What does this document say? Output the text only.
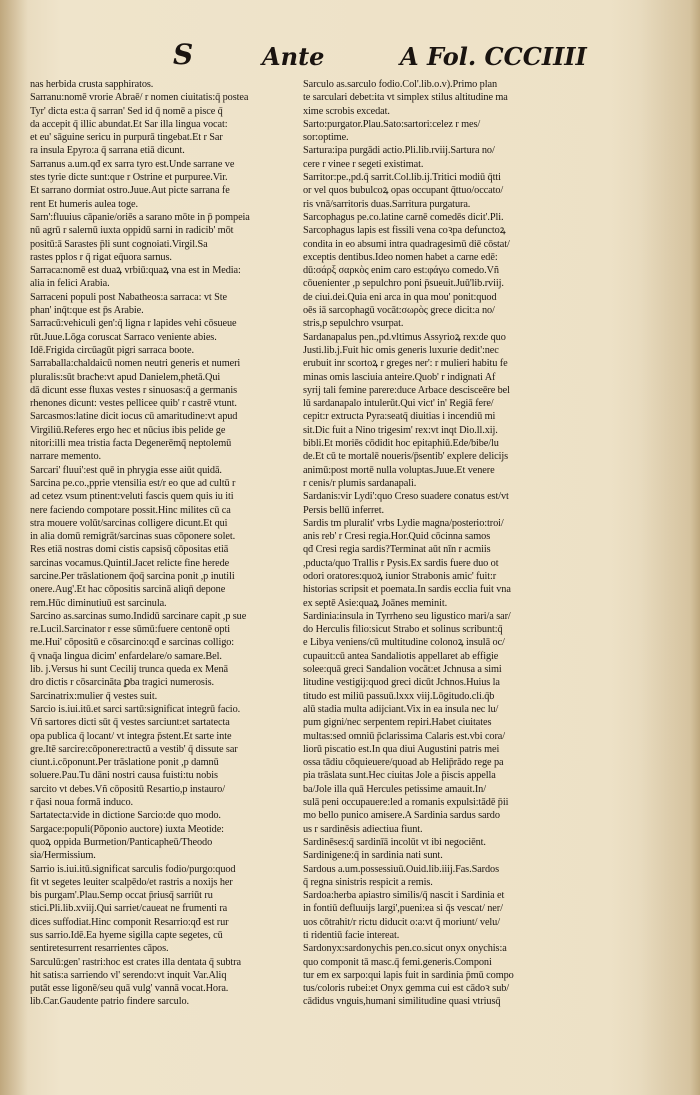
S	Ante	A Fol. CCCIIII
nas herbida crusta sapphiratos.
Sarranu:nomē vrorie Abraē/ r nomen ciuitatis:q̄ postea
Tyr' dicta est:a q̄ sarran' Sed id q̄ nomē a pisce q̄
da accepit q̄ illic abundat.Et Sar illa lingua vocat:
et eu' sāguine sericu in purpurā tingebat.Et r Sar
ra insula Epyro:a q̄ sarrana etiā dicunt.
Sarranus a.um.qđ ex sarra tyro est.Unde sarrane ve
stes tyrie dicte sunt:que r Ostrine et purpuree.Vir.
Et sarrano dormiat ostro.Juue.Aut picte sarrana fe
rent Et humeris aulea toge.
Sarn':fluuius cāpanie/oriēs a sarano mōte in p̄ pompeia
nū agrū r salernū iuxta oppidū sarni in radicib' mōt
positū:ā Sarastes p̄li sunt cognoiati.Virgil.Sa
rastes pplos r q̄ rigat eq̄uora sarnus.
Sarraca:nomē est duaꝝ vrbiū:quaꝝ vna est in Media:
alia in felici Arabia.
Sarraceni populi post Nabatheos:a sarraca: vt Ste
phan' inq̄t:que est p̄s Arabie.
Sarracū:vehiculi gen':q̄ ligna r lapides vehi cōsueue
rūt.Juue.Lōga coruscat Sarraco veniente abies.
Idē.Frigida circūagūt pigri sarraca boote.
Sarraballa:chaldaicū nomen neutri generis et numeri
pluralis:sūt bracħe:vt apud Danielem,phetā.Qui
dā dicunt esse fluxas vestes r sinuosas:q̄ a germanis
rhenones dicunt: vestes pellicee quib' r castrē vtunt.
Sarcasmos:latine dicit iocus cū amaritudine:vt apud
Virgiliū.Referes ergo hec et nūcius ibis pelide ge
nitori:illi mea tristia facta Degenerēmq̄ neptolemū
narrare memento.
Sarcari' fluui':est quē in phrygia esse aiūt quidā.
Sarcina pe.co.,pprie vtensilia est/r eo que ad cultū r
ad cetez vsum ptinent:veluti fascis quem quis iu iti
nere faciendo compotare possit.Hinc milites cū ca
stra mouere volūt/sarcinas colligere dicunt.Et qui
in alia domū remigrāt/sarcinas suas cōponere solet.
Res etiā nostras domi cistis capsisq̄ cōpositas etiā
sarcinas vocamus.Quintil.Jacet relicte fine herede
sarcine.Per trāslationem q̄oq̄ sarcina ponit ,p inutili
onere.Aug'.Et hac cōpositis sarcinā aliqn̄ depone
rem.Hūc diminutiuū est sarcinula.
Sarcino as.sarcinas sumo.Indidū sarcinare capit ,p sue
re.Lucil.Sarcinator r esse sūmū:fuere centonē opti
me.Hui' cōpositū e cōsarcino:qđ e sarcinas colligo:
q̄ vnaq̄a lingua dicim' enfardelare/o samare.Bel.
lib. j.Versus hi sunt Cecilij trunca queda ex Menā
dro dictis r cōsarcināta ꝑba tragici numerosis.
Sarcinatrix:mulier q̄ vestes suit.
Sarcio is.iui.itū.et sarci sartū:significat integrū facio.
Vñ sartores dicti sūt q̄ vestes sarciunt:et sartatecta
opa publica q̄ locant/ vt integra p̄stent.Et sarte inte
gre.Itē sarcire:cōponere:tractū a vestib' q̄ dissute sar
ciunt.i.cōponunt.Per trāslatione ponit ,p damnū
soluere.Pau.Tu dāni nostri causa fuisti:tu nobis
sarcito vt debes.Vñ cōpositū Resartio,p instauro/
r q̄asi noua formā induco.
Sartatecta:vide in dictione Sarcio:de quo modo.
Sargace:populi(Pōponio auctore) iuxta Meotide:
quoꝝ oppida Burmetion/Panticapheū/Theodo
sia/Hermissium.
Sarrio is.iui.itū.significat sarculis fodio/purgo:quod
fit vt segetes leuiter scalpēdo/et rastris a noxijs her
bis purgam'.Plau.Semp occat p̄riusq̄ sarriūt ru
stici.Pli.lib.xviij.Qui sarriet/caueat ne frumenti ra
dices suffodiat.Hinc componit Resarrio:qđ est rur
sus sarrio.Idē.Ea hyeme sigilla capte segetes, cū
sentiretesurrent resarrientes cāpos.
Sarculū:gen' rastri:hoc est crates illa dentata q̄ subtra
hit satis:a sarriendo vl' serendo:vt inquit Var.Aliq
putāt esse ligonē/seu quā vulg' vannā vocat.Hora.
lib.Car.Gaudente patrio findere sarculo.
Sarculo as.sarculo fodio.Col'.lib.o.v).Primo plan
te sarculari debet:ita vt simplex stilus altitudine ma
xime scrobis excedat.
Sarto:purgator.Plau.Sato:sartori:celez r mes/
sor:optime.
Sartura:ipa purgādi actio.Pli.lib.rviij.Sartura no/
cere r vinee r segeti existimat.
Sarritor:pe.,pd.q̄ sarrit.Col.lib.ij.Tritici modiū q̄tti
or vel quos bubulcoꝝ opas occupant q̄ttuo/occato/
ris vnā/sarritoris duas.Sarritura purgatura.
Sarcophagus pe.co.latine carnē comedēs dicit'.Pli.
Sarcophagus lapis est fissili vena coꝛpa defunctoꝝ
condita in eo absumi intra quadragesimū diē cōstat/
exceptis dentibus.Ideo nomen habet a carne edē:
dū:σάρξ σαρκὸς enim caro est:φάγω comedo.Vñ
cōuenienter ,p sepulchro poni p̄sueuit.Juū'lib.rviij.
de ciui.dei.Quia eni arca in qua mou' ponit:quod
oēs iā sarcophagū vocāt:σωρὸς grece dicit:a no/
stris,p sepulchro vsurpat.
Sardanapalus pen.,pd.vltimus Assyrioꝝ rex:de quo
Justi.lib.j.Fuit hic omis generis luxurie dedit':nec
erubuit inr scortoꝝ r greges ner': r mulieri habitu fe
minas omis lasciuia anteire.Quob' r indignati Af
syrij tali femine parere:duce Arbace descisceēre bel
lū sardanapalo intulerūt.Qui vict' in' Regiā fere/
cepit:r extructa Pyra:seatq̄ diuitias i incendiū mi
sit.Dic fuit a Nino trigesim' rex:vt inqt Dio.ll.xij.
bibli.Et moriēs cōdidit hoc epitaphiū.Ede/bibe/lu
de.Et cū te mortalē noueris/p̄sentib' explere delicijs
animū:post mortē nulla voluptas.Juue.Et venere
r cenis/r plumis sardanapali.
Sardanis:vir Lydi':quo Creso suadere conatus est/vt
Persis bellū inferret.
Sardis tm pluralit' vrbs Lydie magna/posterio:troi/
anis reb' r Cresi regia.Hor.Quid cōcinna samos
qđ Cresi regia sardis?Terminat aūt nīn r acmiis
,pducta/quo Trallis r Pysis.Ex sardis fuere duo ot
odori oratores:quoꝝ iunior Strabonis amic' fuit:r
historias scripsit et poemata.In sardis ecclia fuit vna
ex septē Asie:quaꝝ Joānes meminit.
Sardinia:insula in Tyrrheno seu ligustico mari/a sar/
do Herculis filio:sicut Strabo et solinus scribunt:q̄
e Libya veniens/cū multitudine colonoꝝ insulā oc/
cupauit:cū antea Sandaliotis appellaret ab effigie
solee:quā greci Sandalion vocāt:et Jchnusa a simi
litudine vestigij:quod greci dicūt Jchnos.Huius la
titudo est miliū passuū.lxxx viij.Lōgitudo.cli.q̄b
alū stadia multa adijciant.Vix in ea insula nec lu/
pum gigni/nec serpentem repiri.Habet ciuitates
multas:sed omniū p̄clarissima Calaris est.vbi cora/
liorū piscatio est.In qua diui Augustini patris mei
ossa tādiu cōquieuere/quoad ab Helip̄rādo rege pa
pia trāslata sunt.Hec ciuitas Jole a p̄iscis appella
ba/Jole illa quā Hercules petissime amauit.In/
sulā peni occupauere:led a romanis expulsi:tādē p̄ii
mo bello punico amisere.A Sardinia sardus sardo
us r sardinēsis adiectiua fiunt.
Sardinēses:q̄ sardinīā incolūt vt ibi negociēnt.
Sardinigene:q̄ in sardinia nati sunt.
Sardous a.um.possessiuū.Ouid.lib.iiij.Fas.Sardos
q̄ regna sinistris respicit a remis.
Sardoa:herba apiastro similis/q̄ nascit i Sardinia et
in fontiū defluuijs largi',pueni:ea si q̄s vescat/ ner/
uos cōtrahit/r rictu diducit o:a:vt q̄ moriunt/ velu/
ti ridentiū facie intereat.
Sardonyx:sardonychis pen.co.sicut onyx onychis:a
quo componit tā masc.q̄ femi.generis.Componi
tur em ex sarpo:qui lapis fuit in sardinia p̄mū compo
tus/coloris rubei:et Onyx gemma cui est cādoꝛ sub/
cādidus vnguis,humani similitudine quasi vtriusq̄
